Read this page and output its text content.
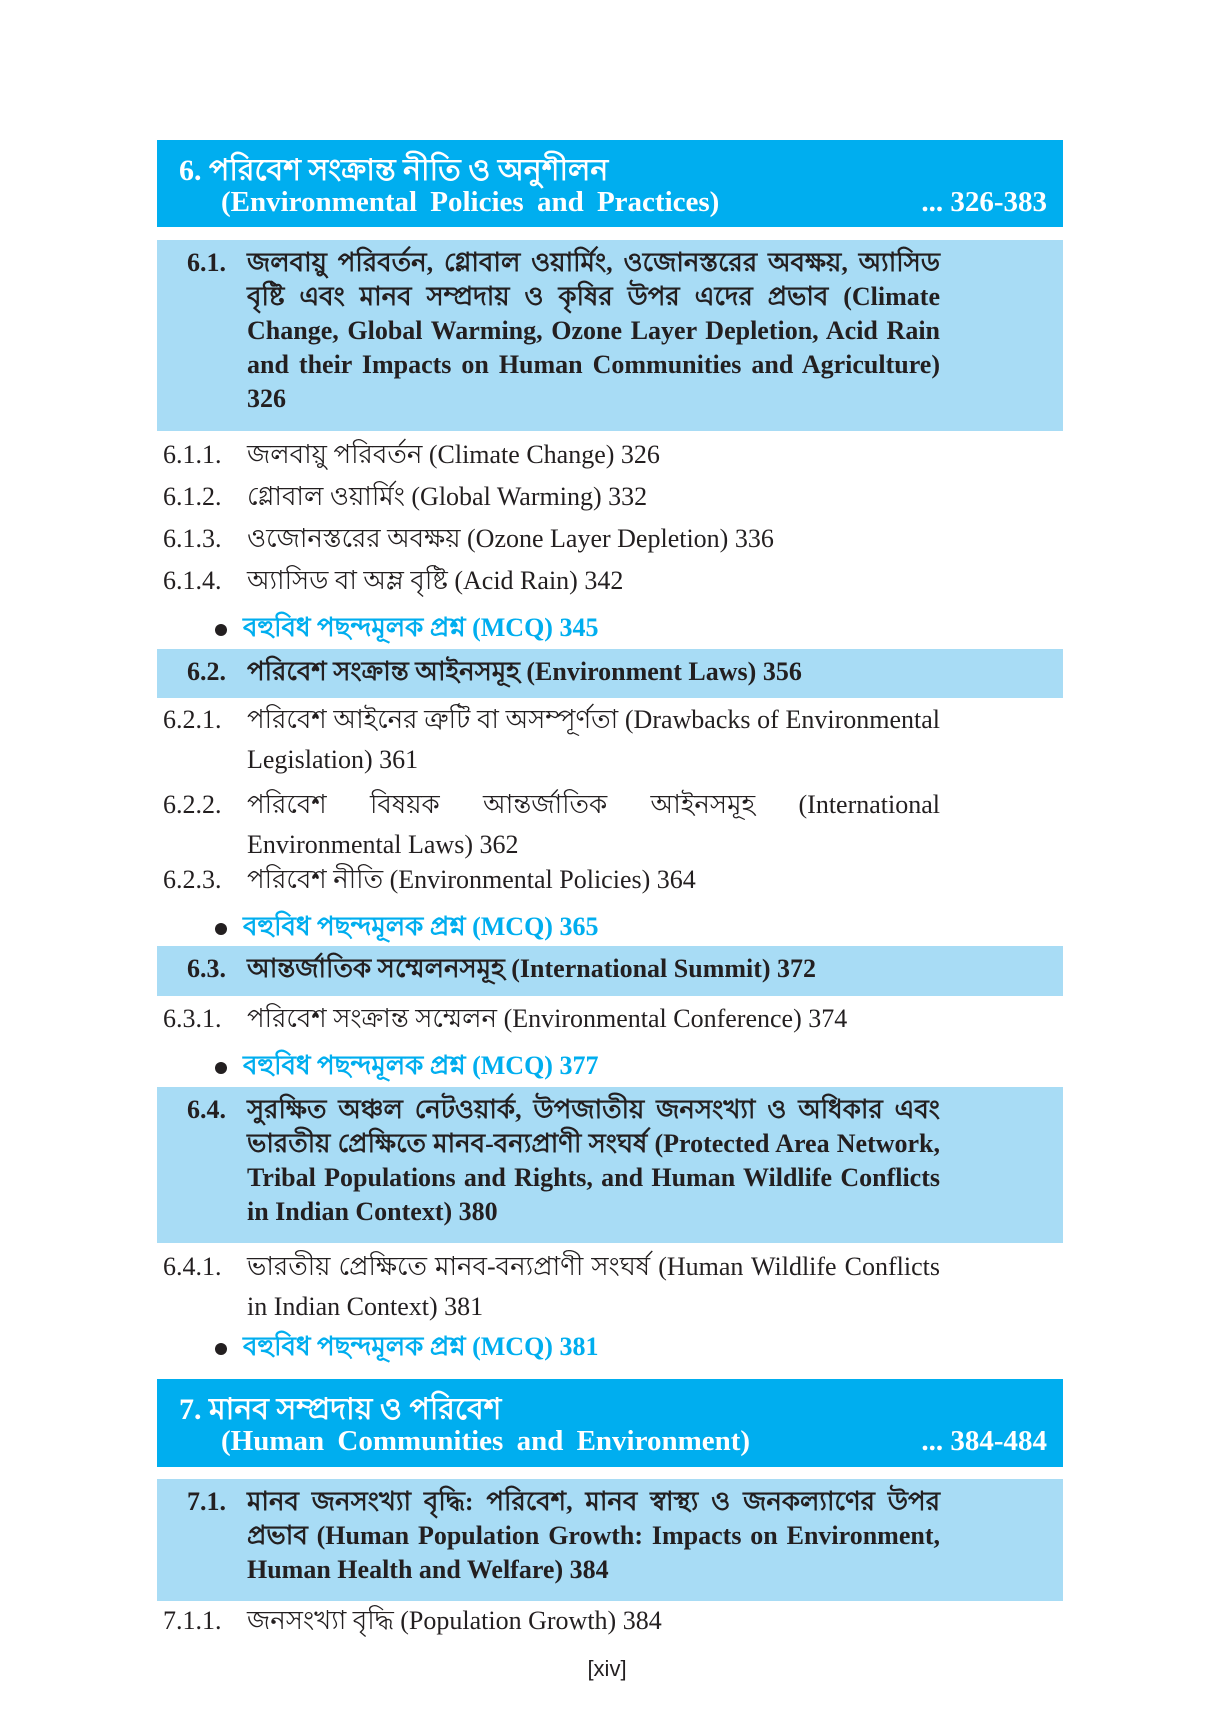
6. পরিবেশ সংক্রান্ত নীতি ও অনুশীলন
(Environmental Policies and Practices)	... 326-383
6.1. জলবায়ু পরিবর্তন, গ্লোবাল ওয়ার্মিং, ওজোনস্তরের অবক্ষয়, অ্যাসিড বৃষ্টি এবং মানব সম্প্রদায় ও কৃষির উপর এদের প্রভাব (Climate Change, Global Warming, Ozone Layer Depletion, Acid Rain and their Impacts on Human Communities and Agriculture) 326
6.1.1. জলবায়ু পরিবর্তন (Climate Change) 326
6.1.2. গ্লোবাল ওয়ার্মিং (Global Warming) 332
6.1.3. ওজোনস্তরের অবক্ষয় (Ozone Layer Depletion) 336
6.1.4. অ্যাসিড বা অম্ল বৃষ্টি (Acid Rain) 342
বহুবিধ পছন্দমূলক প্রশ্ন (MCQ) 345
6.2. পরিবেশ সংক্রান্ত আইনসমূহ (Environment Laws) 356
6.2.1. পরিবেশ আইনের ত্রুটি বা অসম্পূর্ণতা (Drawbacks of Environmental Legislation) 361
6.2.2. পরিবেশ বিষয়ক আন্তর্জাতিক আইনসমূহ (International Environmental Laws) 362
6.2.3. পরিবেশ নীতি (Environmental Policies) 364
বহুবিধ পছন্দমূলক প্রশ্ন (MCQ) 365
6.3. আন্তর্জাতিক সম্মেলনসমূহ (International Summit) 372
6.3.1. পরিবেশ সংক্রান্ত সম্মেলন (Environmental Conference) 374
বহুবিধ পছন্দমূলক প্রশ্ন (MCQ) 377
6.4. সুরক্ষিত অঞ্চল নেটওয়ার্ক, উপজাতীয় জনসংখ্যা ও অধিকার এবং ভারতীয় প্রেক্ষিতে মানব-বন্যপ্রাণী সংঘর্ষ (Protected Area Network, Tribal Populations and Rights, and Human Wildlife Conflicts in Indian Context) 380
6.4.1. ভারতীয় প্রেক্ষিতে মানব-বন্যপ্রাণী সংঘর্ষ (Human Wildlife Conflicts in Indian Context) 381
বহুবিধ পছন্দমূলক প্রশ্ন (MCQ) 381
7. মানব সম্প্রদায় ও পরিবেশ
(Human Communities and Environment)	... 384-484
7.1. মানব জনসংখ্যা বৃদ্ধি: পরিবেশ, মানব স্বাস্থ্য ও জনকল্যাণের উপর প্রভাব (Human Population Growth: Impacts on Environment, Human Health and Welfare) 384
7.1.1. জনসংখ্যা বৃদ্ধি (Population Growth) 384
[xiv]
